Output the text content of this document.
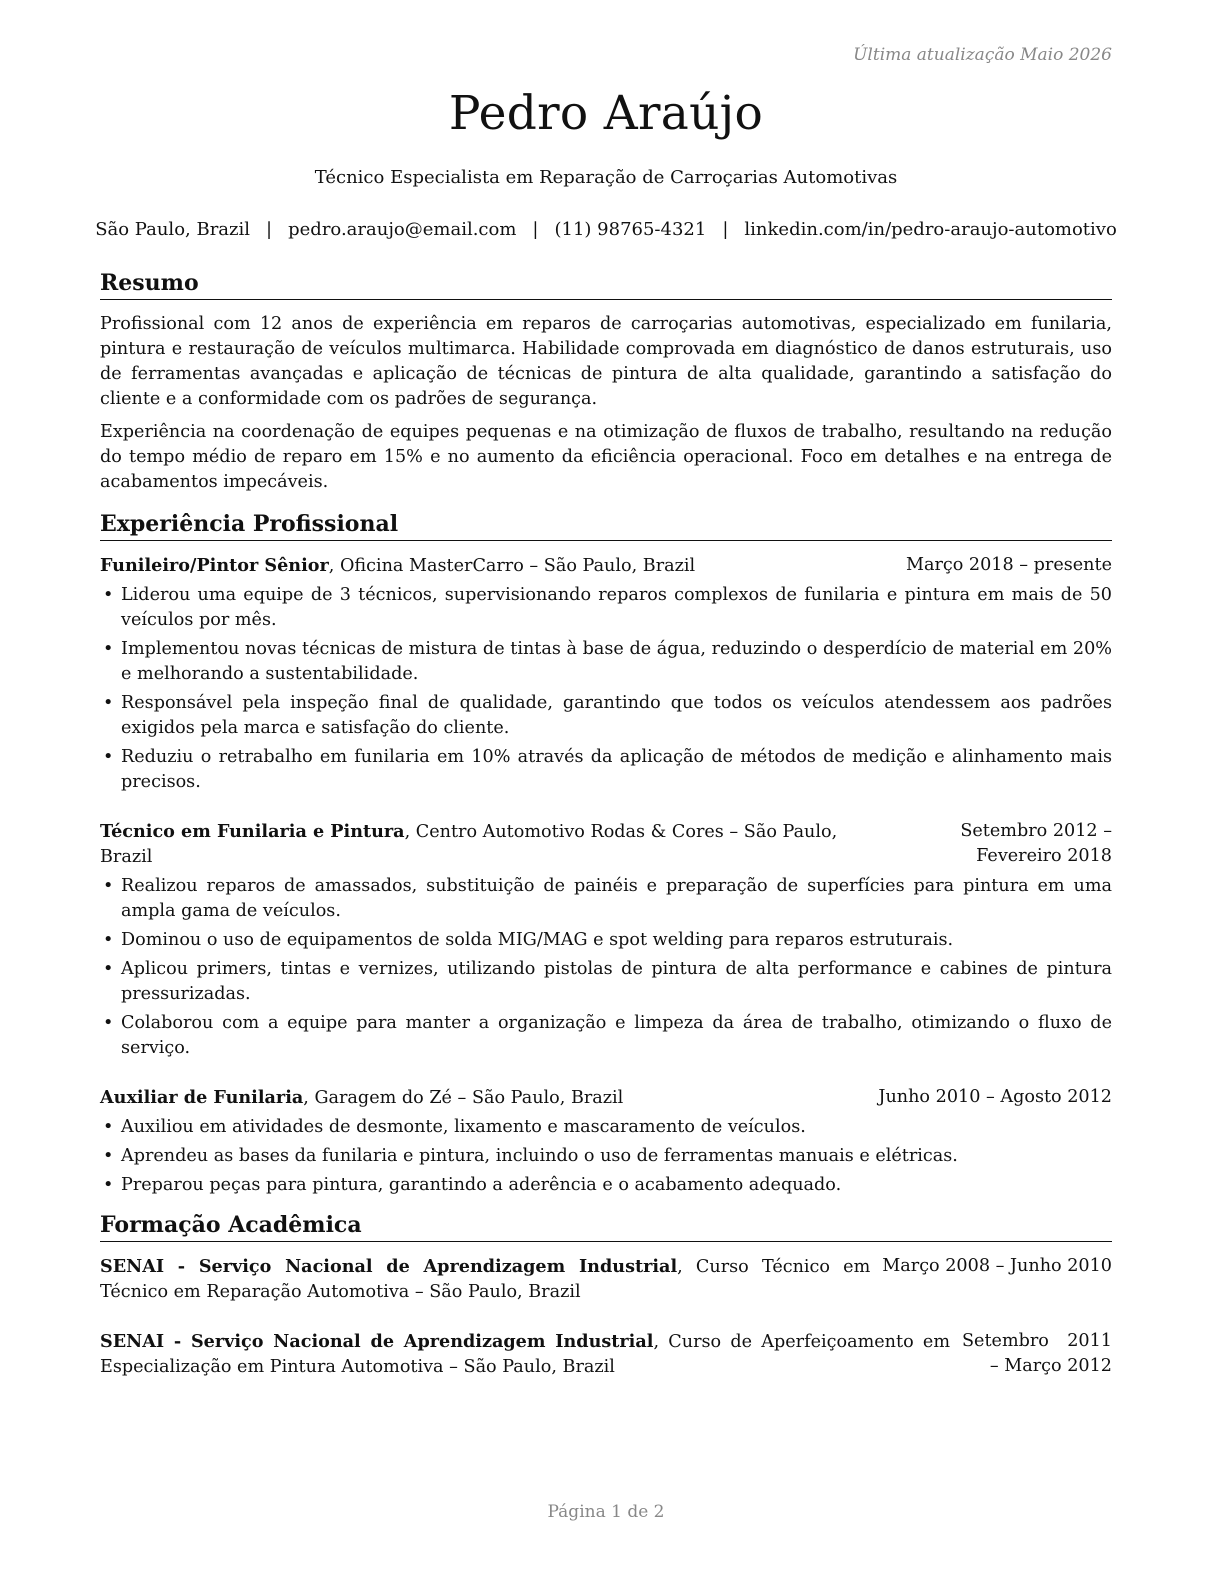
Última atualização Maio 2026
Pedro Araújo
Técnico Especialista em Reparação de Carroçarias Automotivas
São Paulo, Brazil | pedro.araujo@email.com | (11) 98765-4321 | linkedin.com/in/pedro-araujo-automotivo
Resumo

Profissional com 12 anos de experiência em reparos de carroçarias automotivas, especializado em funilaria, pintura e restauração de veículos multimarca. Habilidade comprovada em diagnóstico de danos estruturais, uso de ferramentas avançadas e aplicação de técnicas de pintura de alta qualidade, garantindo a satisfação do cliente e a conformidade com os padrões de segurança.

Experiência na coordenação de equipes pequenas e na otimização de fluxos de trabalho, resultando na redução do tempo médio de reparo em 15% e no aumento da eficiência operacional. Foco em detalhes e na entrega de acabamentos impecáveis.

Experiência Profissional
Funileiro/Pintor Sênior, Oficina MasterCarro – São Paulo, Brazil	Março 2018 – presente
• Liderou uma equipe de 3 técnicos, supervisionando reparos complexos de funilaria e pintura em mais de 50 veículos por mês.
• Implementou novas técnicas de mistura de tintas à base de água, reduzindo o desperdício de material em 20% e melhorando a sustentabilidade.
• Responsável pela inspeção final de qualidade, garantindo que todos os veículos atendessem aos padrões exigidos pela marca e satisfação do cliente.
• Reduziu o retrabalho em funilaria em 10% através da aplicação de métodos de medição e alinhamento mais precisos.
Técnico em Funilaria e Pintura, Centro Automotivo Rodas & Cores – São Paulo, Brazil
Setembro 2012 – Fevereiro 2018
• Realizou reparos de amassados, substituição de painéis e preparação de superfícies para pintura em uma ampla gama de veículos.
• Dominou o uso de equipamentos de solda MIG/MAG e spot welding para reparos estruturais.
• Aplicou primers, tintas e vernizes, utilizando pistolas de pintura de alta performance e cabines de pintura pressurizadas.
• Colaborou com a equipe para manter a organização e limpeza da área de trabalho, otimizando o fluxo de serviço.
Auxiliar de Funilaria, Garagem do Zé – São Paulo, Brazil	Junho 2010 – Agosto 2012
• Auxiliou em atividades de desmonte, lixamento e mascaramento de veículos.
• Aprendeu as bases da funilaria e pintura, incluindo o uso de ferramentas manuais e elétricas.
• Preparou peças para pintura, garantindo a aderência e o acabamento adequado.
Formação Acadêmica
SENAI - Serviço Nacional de Aprendizagem Industrial, Curso Técnico em Técnico em Reparação Automotiva – São Paulo, Brazil
Março 2008 – Junho 2010
SENAI - Serviço Nacional de Aprendizagem Industrial, Curso de Aperfeiçoamento em Especialização em Pintura Automotiva – São Paulo, Brazil
Setembro 2011 – Março 2012
Página 1 de 2
